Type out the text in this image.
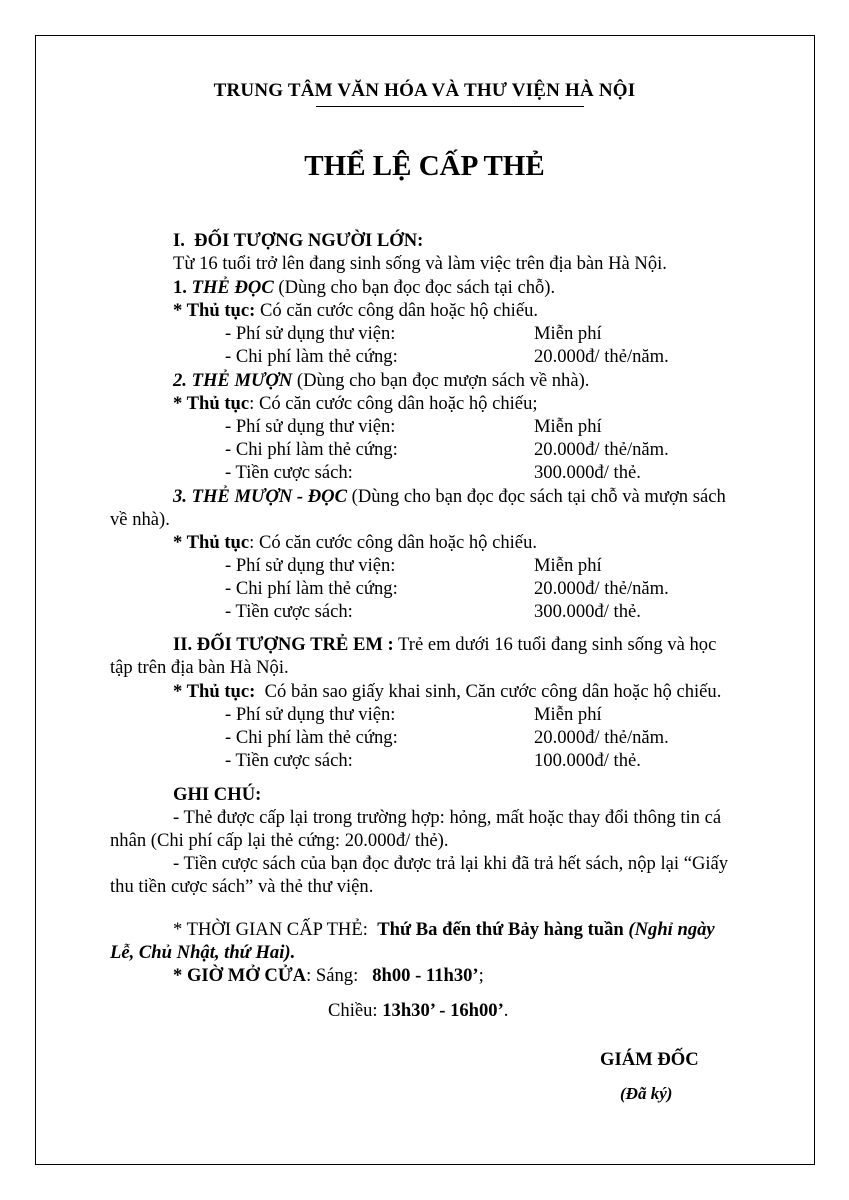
TRUNG TÂM VĂN HÓA VÀ THƯ VIỆN HÀ NỘI
THỂ LỆ CẤP THẺ
I.  ĐỐI TƯỢNG NGƯỜI LỚN:
Từ 16 tuổi trở lên đang sinh sống và làm việc trên địa bàn Hà Nội.
1. THẺ ĐỌC (Dùng cho bạn đọc đọc sách tại chỗ).
* Thủ tục: Có căn cước công dân hoặc hộ chiếu.
- Phí sử dụng thư viện:	Miễn phí
- Chi phí làm thẻ cứng:	20.000đ/ thẻ/năm.
2. THẺ MƯỢN (Dùng cho bạn đọc mượn sách về nhà).
* Thủ tục: Có căn cước công dân hoặc hộ chiếu;
- Phí sử dụng thư viện:	Miễn phí
- Chi phí làm thẻ cứng:	20.000đ/ thẻ/năm.
- Tiền cược sách:	300.000đ/ thẻ.
3. THẺ MƯỢN - ĐỌC (Dùng cho bạn đọc đọc sách tại chỗ và mượn sách
về nhà).
* Thủ tục: Có căn cước công dân hoặc hộ chiếu.
- Phí sử dụng thư viện:	Miễn phí
- Chi phí làm thẻ cứng:	20.000đ/ thẻ/năm.
- Tiền cược sách:	300.000đ/ thẻ.
II. ĐỐI TƯỢNG TRẺ EM : Trẻ em dưới 16 tuổi đang sinh sống và học
tập trên địa bàn Hà Nội.
* Thủ tục:  Có bản sao giấy khai sinh, Căn cước công dân hoặc hộ chiếu.
- Phí sử dụng thư viện:	Miễn phí
- Chi phí làm thẻ cứng:	20.000đ/ thẻ/năm.
- Tiền cược sách:	100.000đ/ thẻ.
GHI CHÚ:
- Thẻ được cấp lại trong trường hợp: hỏng, mất hoặc thay đổi thông tin cá
nhân (Chi phí cấp lại thẻ cứng: 20.000đ/ thẻ).
- Tiền cược sách của bạn đọc được trả lại khi đã trả hết sách, nộp lại “Giấy
thu tiền cược sách” và thẻ thư viện.
* THỜI GIAN CẤP THẺ:  Thứ Ba đến thứ Bảy hàng tuần (Nghỉ ngày
Lễ, Chủ Nhật, thứ Hai).
* GIỜ MỞ CỬA: Sáng:   8h00 - 11h30’;
Chiều: 13h30’ - 16h00’.
GIÁM ĐỐC
(Đã ký)
